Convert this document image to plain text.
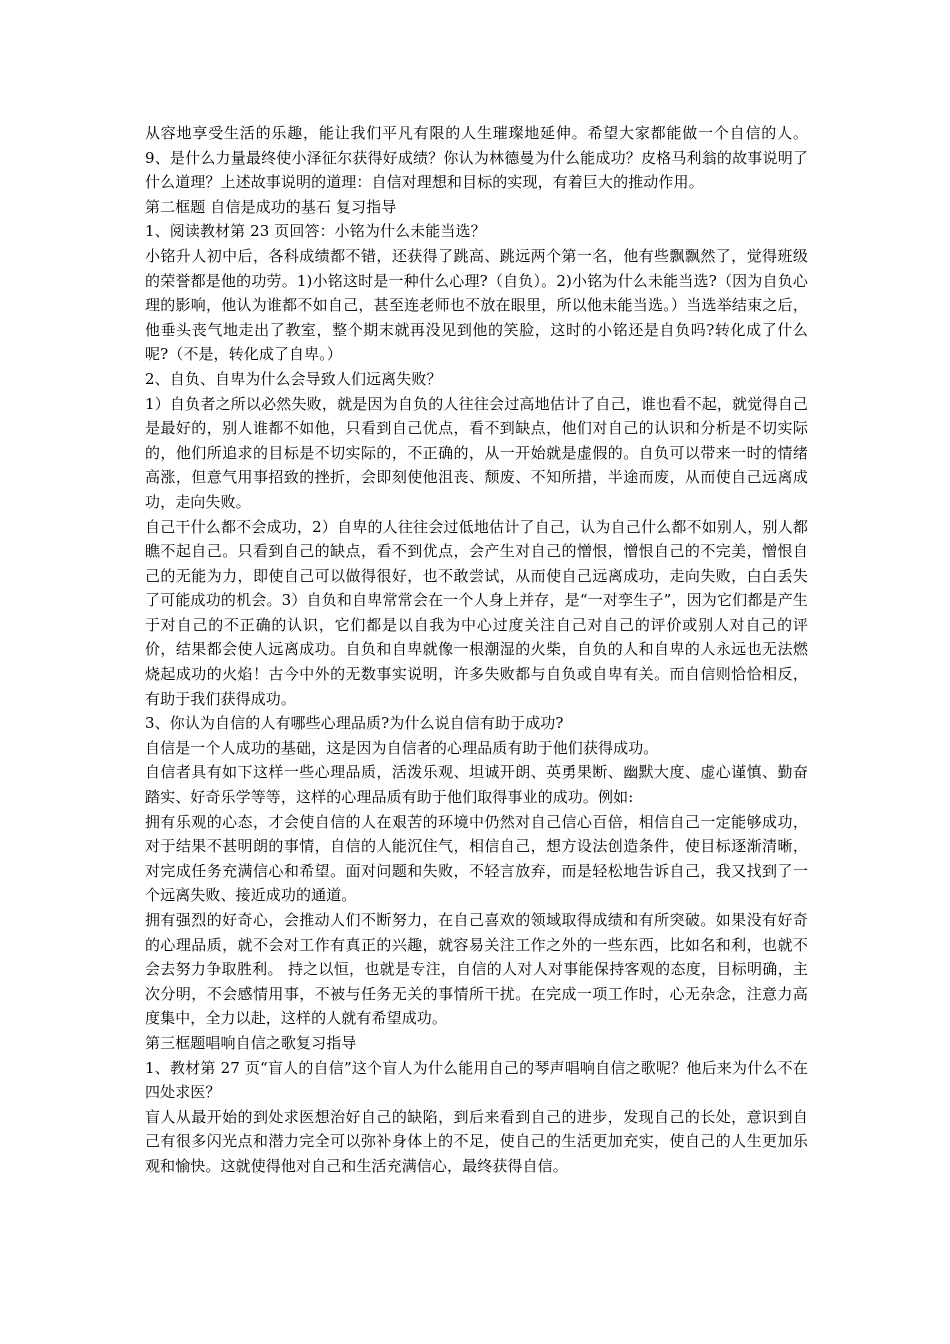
从容地享受生活的乐趣，能让我们平凡有限的人生璀璨地延伸。希望大家都能做一个自信的人。 9、是什么力量最终使小泽征尔获得好成绩？你认为林德曼为什么能成功？皮格马利翁的故事说明了什么道理？上述故事说明的道理：自信对理想和目标的实现，有着巨大的推动作用。

第二框题 自信是成功的基石 复习指导

1、阅读教材第 23 页回答：小铭为什么未能当选？

小铭升人初中后，各科成绩都不错，还获得了跳高、跳远两个第一名，他有些飘飘然了，觉得班级的荣誉都是他的功劳。1)小铭这时是一种什么心理?（自负）。2)小铭为什么未能当选?（因为自负心理的影响，他认为谁都不如自己，甚至连老师也不放在眼里，所以他未能当选。）当选举结束之后，他垂头丧气地走出了教室，整个期末就再没见到他的笑脸，这时的小铭还是自负吗?转化成了什么呢?（不是，转化成了自卑。）

2、自负、自卑为什么会导致人们远离失败？

1）自负者之所以必然失败，就是因为自负的人往往会过高地估计了自己，谁也看不起，就觉得自己是最好的，别人谁都不如他，只看到自己优点，看不到缺点，他们对自己的认识和分析是不切实际的，他们所追求的目标是不切实际的，不正确的，从一开始就是虚假的。自负可以带来一时的情绪高涨，但意气用事招致的挫折，会即刻使他沮丧、颓废、不知所措，半途而废，从而使自己远离成功，走向失败。

自己干什么都不会成功，2）自卑的人往往会过低地估计了自己，认为自己什么都不如别人，别人都瞧不起自己。只看到自己的缺点，看不到优点，会产生对自己的憎恨，憎恨自己的不完美，憎恨自己的无能为力，即使自己可以做得很好，也不敢尝试，从而使自己远离成功，走向失败，白白丢失了可能成功的机会。3）自负和自卑常常会在一个人身上并存，是“一对孪生子”，因为它们都是产生于对自己的不正确的认识，它们都是以自我为中心过度关注自己对自己的评价或别人对自己的评价，结果都会使人远离成功。自负和自卑就像一根潮湿的火柴，自负的人和自卑的人永远也无法燃烧起成功的火焰！古今中外的无数事实说明，许多失败都与自负或自卑有关。而自信则恰恰相反，有助于我们获得成功。

3、你认为自信的人有哪些心理品质?为什么说自信有助于成功?

自信是一个人成功的基础，这是因为自信者的心理品质有助于他们获得成功。

自信者具有如下这样一些心理品质，活泼乐观、坦诚开朗、英勇果断、幽默大度、虚心谨慎、勤奋踏实、好奇乐学等等，这样的心理品质有助于他们取得事业的成功。例如:

拥有乐观的心态，才会使自信的人在艰苦的环境中仍然对自己信心百倍，相信自己一定能够成功，对于结果不甚明朗的事情，自信的人能沉住气，相信自己，想方设法创造条件，使目标逐渐清晰，对完成任务充满信心和希望。面对问题和失败，不轻言放弃，而是轻松地告诉自己，我又找到了一个远离失败、接近成功的通道。

拥有强烈的好奇心，会推动人们不断努力，在自己喜欢的领域取得成绩和有所突破。如果没有好奇的心理品质，就不会对工作有真正的兴趣，就容易关注工作之外的一些东西，比如名和利，也就不会去努力争取胜利。 持之以恒，也就是专注，自信的人对人对事能保持客观的态度，目标明确，主次分明，不会感情用事，不被与任务无关的事情所干扰。在完成一项工作时，心无杂念，注意力高度集中，全力以赴，这样的人就有希望成功。

第三框题唱响自信之歌复习指导

1、教材第 27 页“盲人的自信”这个盲人为什么能用自己的琴声唱响自信之歌呢？他后来为什么不在四处求医？

盲人从最开始的到处求医想治好自己的缺陷，到后来看到自己的进步，发现自己的长处，意识到自己有很多闪光点和潜力完全可以弥补身体上的不足，使自己的生活更加充实，使自己的人生更加乐观和愉快。这就使得他对自己和生活充满信心，最终获得自信。
